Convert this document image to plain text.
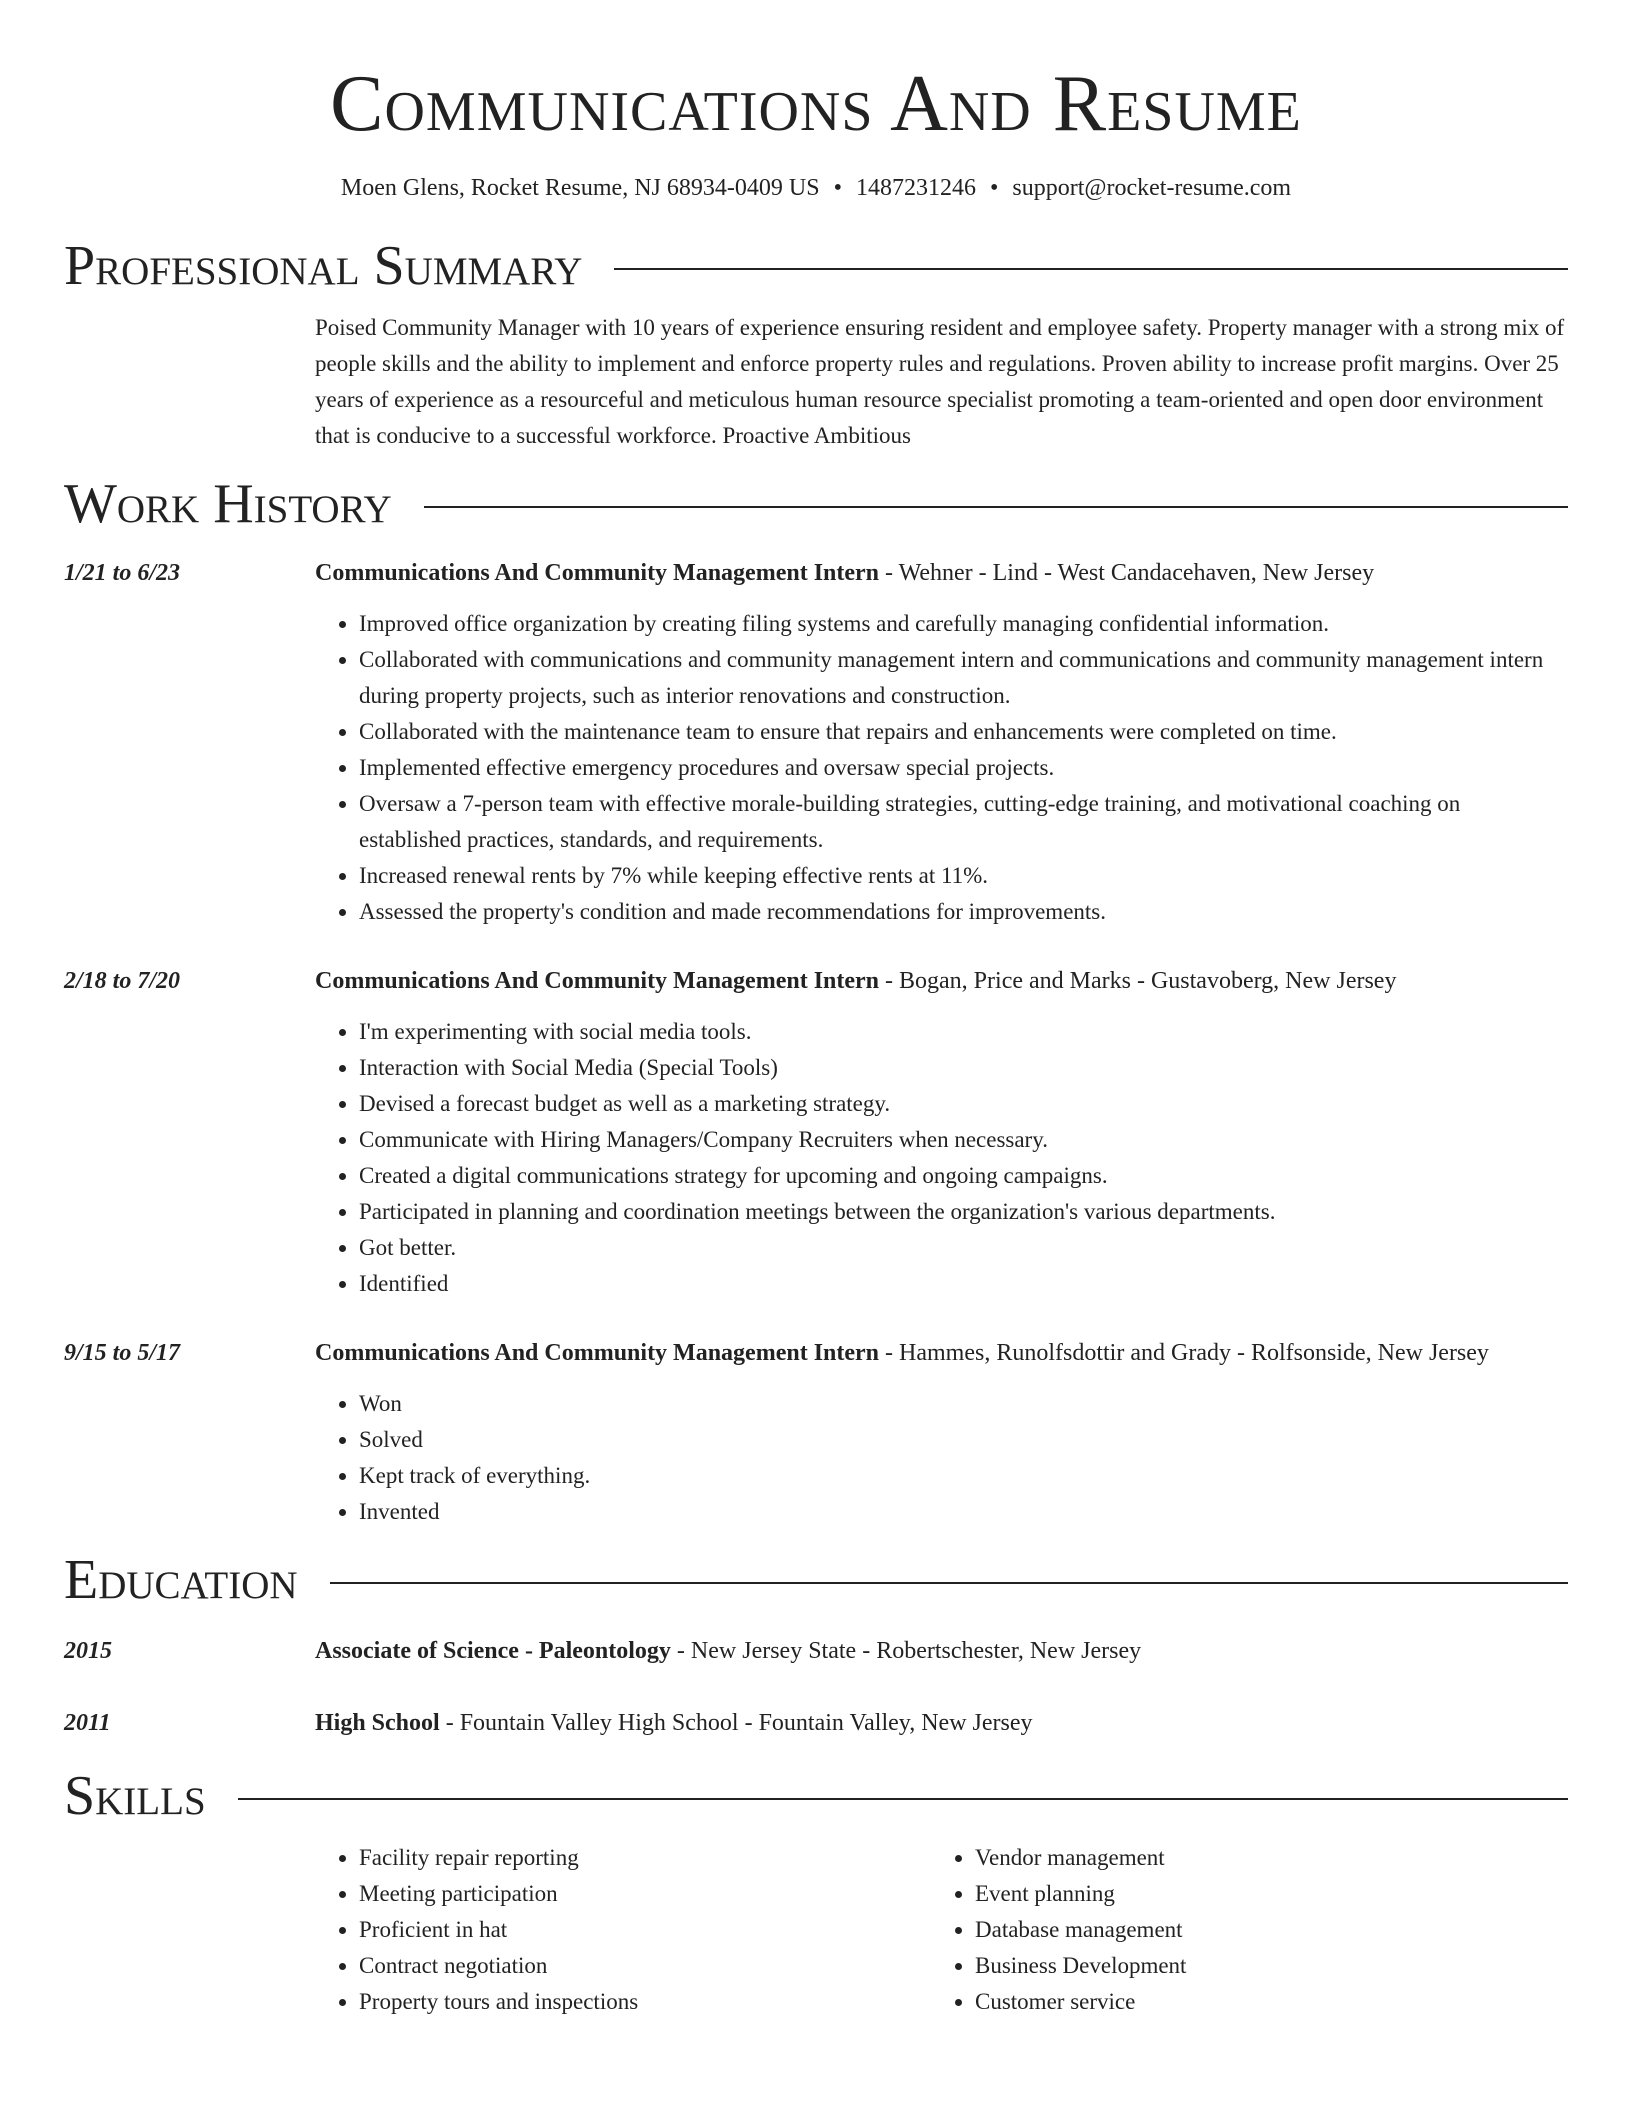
Communications And Resume
Moen Glens, Rocket Resume, NJ 68934-0409 US • 1487231246 • support@rocket-resume.com
Professional Summary
Poised Community Manager with 10 years of experience ensuring resident and employee safety. Property manager with a strong mix of people skills and the ability to implement and enforce property rules and regulations. Proven ability to increase profit margins. Over 25 years of experience as a resourceful and meticulous human resource specialist promoting a team-oriented and open door environment that is conducive to a successful workforce. Proactive Ambitious
Work History
1/21 to 6/23	Communications And Community Management Intern - Wehner - Lind - West Candacehaven, New Jersey
• Improved office organization by creating filing systems and carefully managing confidential information.
• Collaborated with communications and community management intern and communications and community management intern during property projects, such as interior renovations and construction.
• Collaborated with the maintenance team to ensure that repairs and enhancements were completed on time.
• Implemented effective emergency procedures and oversaw special projects.
• Oversaw a 7-person team with effective morale-building strategies, cutting-edge training, and motivational coaching on established practices, standards, and requirements.
• Increased renewal rents by 7% while keeping effective rents at 11%.
• Assessed the property's condition and made recommendations for improvements.
2/18 to 7/20	Communications And Community Management Intern - Bogan, Price and Marks - Gustavoberg, New Jersey
• I'm experimenting with social media tools.
• Interaction with Social Media (Special Tools)
• Devised a forecast budget as well as a marketing strategy.
• Communicate with Hiring Managers/Company Recruiters when necessary.
• Created a digital communications strategy for upcoming and ongoing campaigns.
• Participated in planning and coordination meetings between the organization's various departments.
• Got better.
• Identified
9/15 to 5/17	Communications And Community Management Intern - Hammes, Runolfsdottir and Grady - Rolfsonside, New Jersey
• Won
• Solved
• Kept track of everything.
• Invented
Education
2015	Associate of Science - Paleontology - New Jersey State - Robertschester, New Jersey
2011	High School - Fountain Valley High School - Fountain Valley, New Jersey
Skills
• Facility repair reporting
• Meeting participation
• Proficient in hat
• Contract negotiation
• Property tours and inspections
• Vendor management
• Event planning
• Database management
• Business Development
• Customer service
